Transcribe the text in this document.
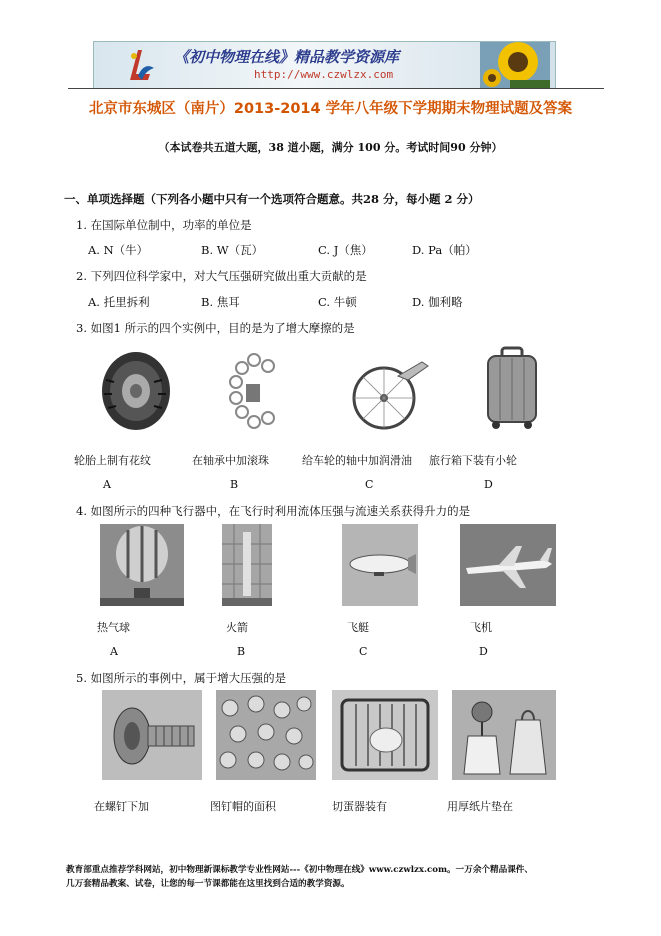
《初中物理在线》精品教学资源库
http://www.czwlzx.com
北京市东城区（南片）2013-2014 学年八年级下学期期末物理试题及答案
（本试卷共五道大题，38 道小题，满分 100 分。考试时间90 分钟）
一、单项选择题（下列各小题中只有一个选项符合题意。共28 分，每小题 2 分）
1. 在国际单位制中，功率的单位是
A. N（牛）	B. W（瓦）	C. J（焦）	D. Pa（帕）
2. 下列四位科学家中，对大气压强研究做出重大贡献的是
A. 托里拆利	B. 焦耳	C. 牛顿	D. 伽利略
3. 如图1 所示的四个实例中，目的是为了增大摩擦的是
轮胎上制有花纹	在轴承中加滚珠	给车轮的轴中加润滑油 旅行箱下装有小轮
A	B	C	D
4. 如图所示的四种飞行器中，在飞行时利用流体压强与流速关系获得升力的是
热气球	火箭	飞艇	飞机
A	B	C	D
5. 如图所示的事例中，属于增大压强的是
在螺钉下加	图钉帽的面积	切蛋器装有	用厚纸片垫在
教育部重点推荐学科网站，初中物理新课标教学专业性网站---《初中物理在线》www.czwlzx.com。一万余个精品课件、
几万套精品教案、试卷，让您的每一节课都能在这里找到合适的教学资源。
